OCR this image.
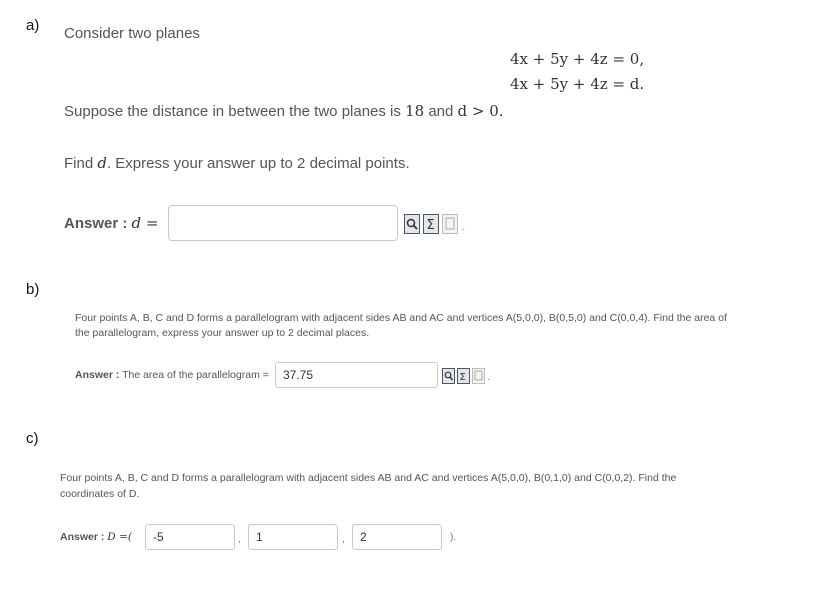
a) Consider two planes
4x + 5y + 4z = 0,
4x + 5y + 4z = d.
Suppose the distance in between the two planes is 18 and d > 0.
Find d. Express your answer up to 2 decimal points.
Answer : d =	Σ	·
b)
Four points A, B, C and D forms a parallelogram with adjacent sides AB and AC and vertices A(5,0,0), B(0,5,0) and C(0,0,4). Find the area of
the parallelogram, express your answer up to 2 decimal places.
Answer : The area of the parallelogram =	37.75	Σ ·
c)
Four points A, B, C and D forms a parallelogram with adjacent sides AB and AC and vertices A(5,0,0), B(0,1,0) and C(0,0,2). Find the
coordinates of D.
Answer : D =(	-5	,	1	,	2	).
